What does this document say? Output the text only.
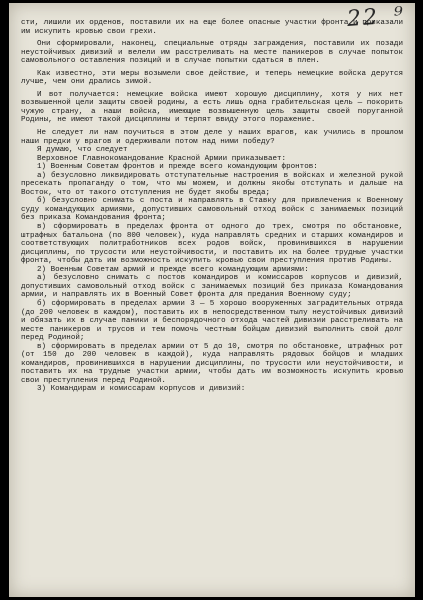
22  ⁹

сти, лишили их орденов, поставили их на еще более опасные участки фронта и приказали им искупить кровью свои грехи.

Они сформировали, наконец, специальные отряды заграждения, поставили их позади неустойчивых дивизий и велели им расстреливать на месте паникеров в случае попыток самовольного оставления позиций и в случае попытки сдаться в плен.

Как известно, эти меры возымели свое действие, и теперь немецкие войска дерутся лучше, чем они дрались зимой.

И вот получается: немецкие войска имеют хорошую дисциплину, хотя у них нет возвышенной цели защиты своей родины, а есть лишь одна грабительская цель — покорить чужую страну, а наши войска, имеющие возвышенную цель защиты своей поруганной Родины, не имеют такой дисциплины и терпят ввиду этого поражение.

Не следует ли нам поучиться в этом деле у наших врагов, как учились в прошлом наши предки у врагов и одерживали потом над ними победу?

Я думаю, что следует

Верховное Главнокомандование Красной Армии приказывает:

1) Военным Советам фронтов и прежде всего командующим фронтов:

а) безусловно ликвидировать отступательные настроения в войсках и железной рукой пресекать пропаганду о том, что мы можем, и должны якобы отступать и дальше на Восток, что от такого отступления не будет якобы вреда;

б) безусловно снимать с поста и направлять в Ставку для привлечения к Военному суду командующих армиями, допустивших самовольный отход войск с занимаемых позиций без приказа Командования фронта;

в) сформировать в пределах фронта от одного до трех, смотря по обстановке, штрафных батальона (по 800 человек), куда направлять средних и старших командиров и соответствующих политработников всех родов войск, провинившихся в нарушении дисциплины, по трусости или неустойчивости, и поставить их на более трудные участки фронта, чтобы дать им возможность искупить кровью свои преступления против Родины.

2) Военным Советам армий и прежде всего командующим армиями:

а) безусловно снимать с постов командиров и комиссаров корпусов и дивизий, допустивших самовольный отход войск с занимаемых позиций без приказа Командования армии, и направлять их в Военный Совет фронта для предания Военному суду;

б) сформировать в пределах армии 3 — 5 хорошо вооруженных заградительных отряда (до 200 человек в каждом), поставить их в непосредственном тылу неустойчивых дивизий и обязать их в случае паники и беспорядочного отхода частей дивизии расстреливать на месте паникеров и трусов и тем помочь честным бойцам дивизий выполнить свой долг перед Родиной;

в) сформировать в пределах армии от 5 до 10, смотря по обстановке, штрафных рот (от 150 до 200 человек в каждой), куда направлять рядовых бойцов и младших командиров, провинившихся в нарушении дисциплины, по трусости или неустойчивости, и поставить их на трудные участки армии, чтобы дать им возможность искупить кровью свои преступления перед Родиной.

3) Командирам и комиссарам корпусов и дивизий:
